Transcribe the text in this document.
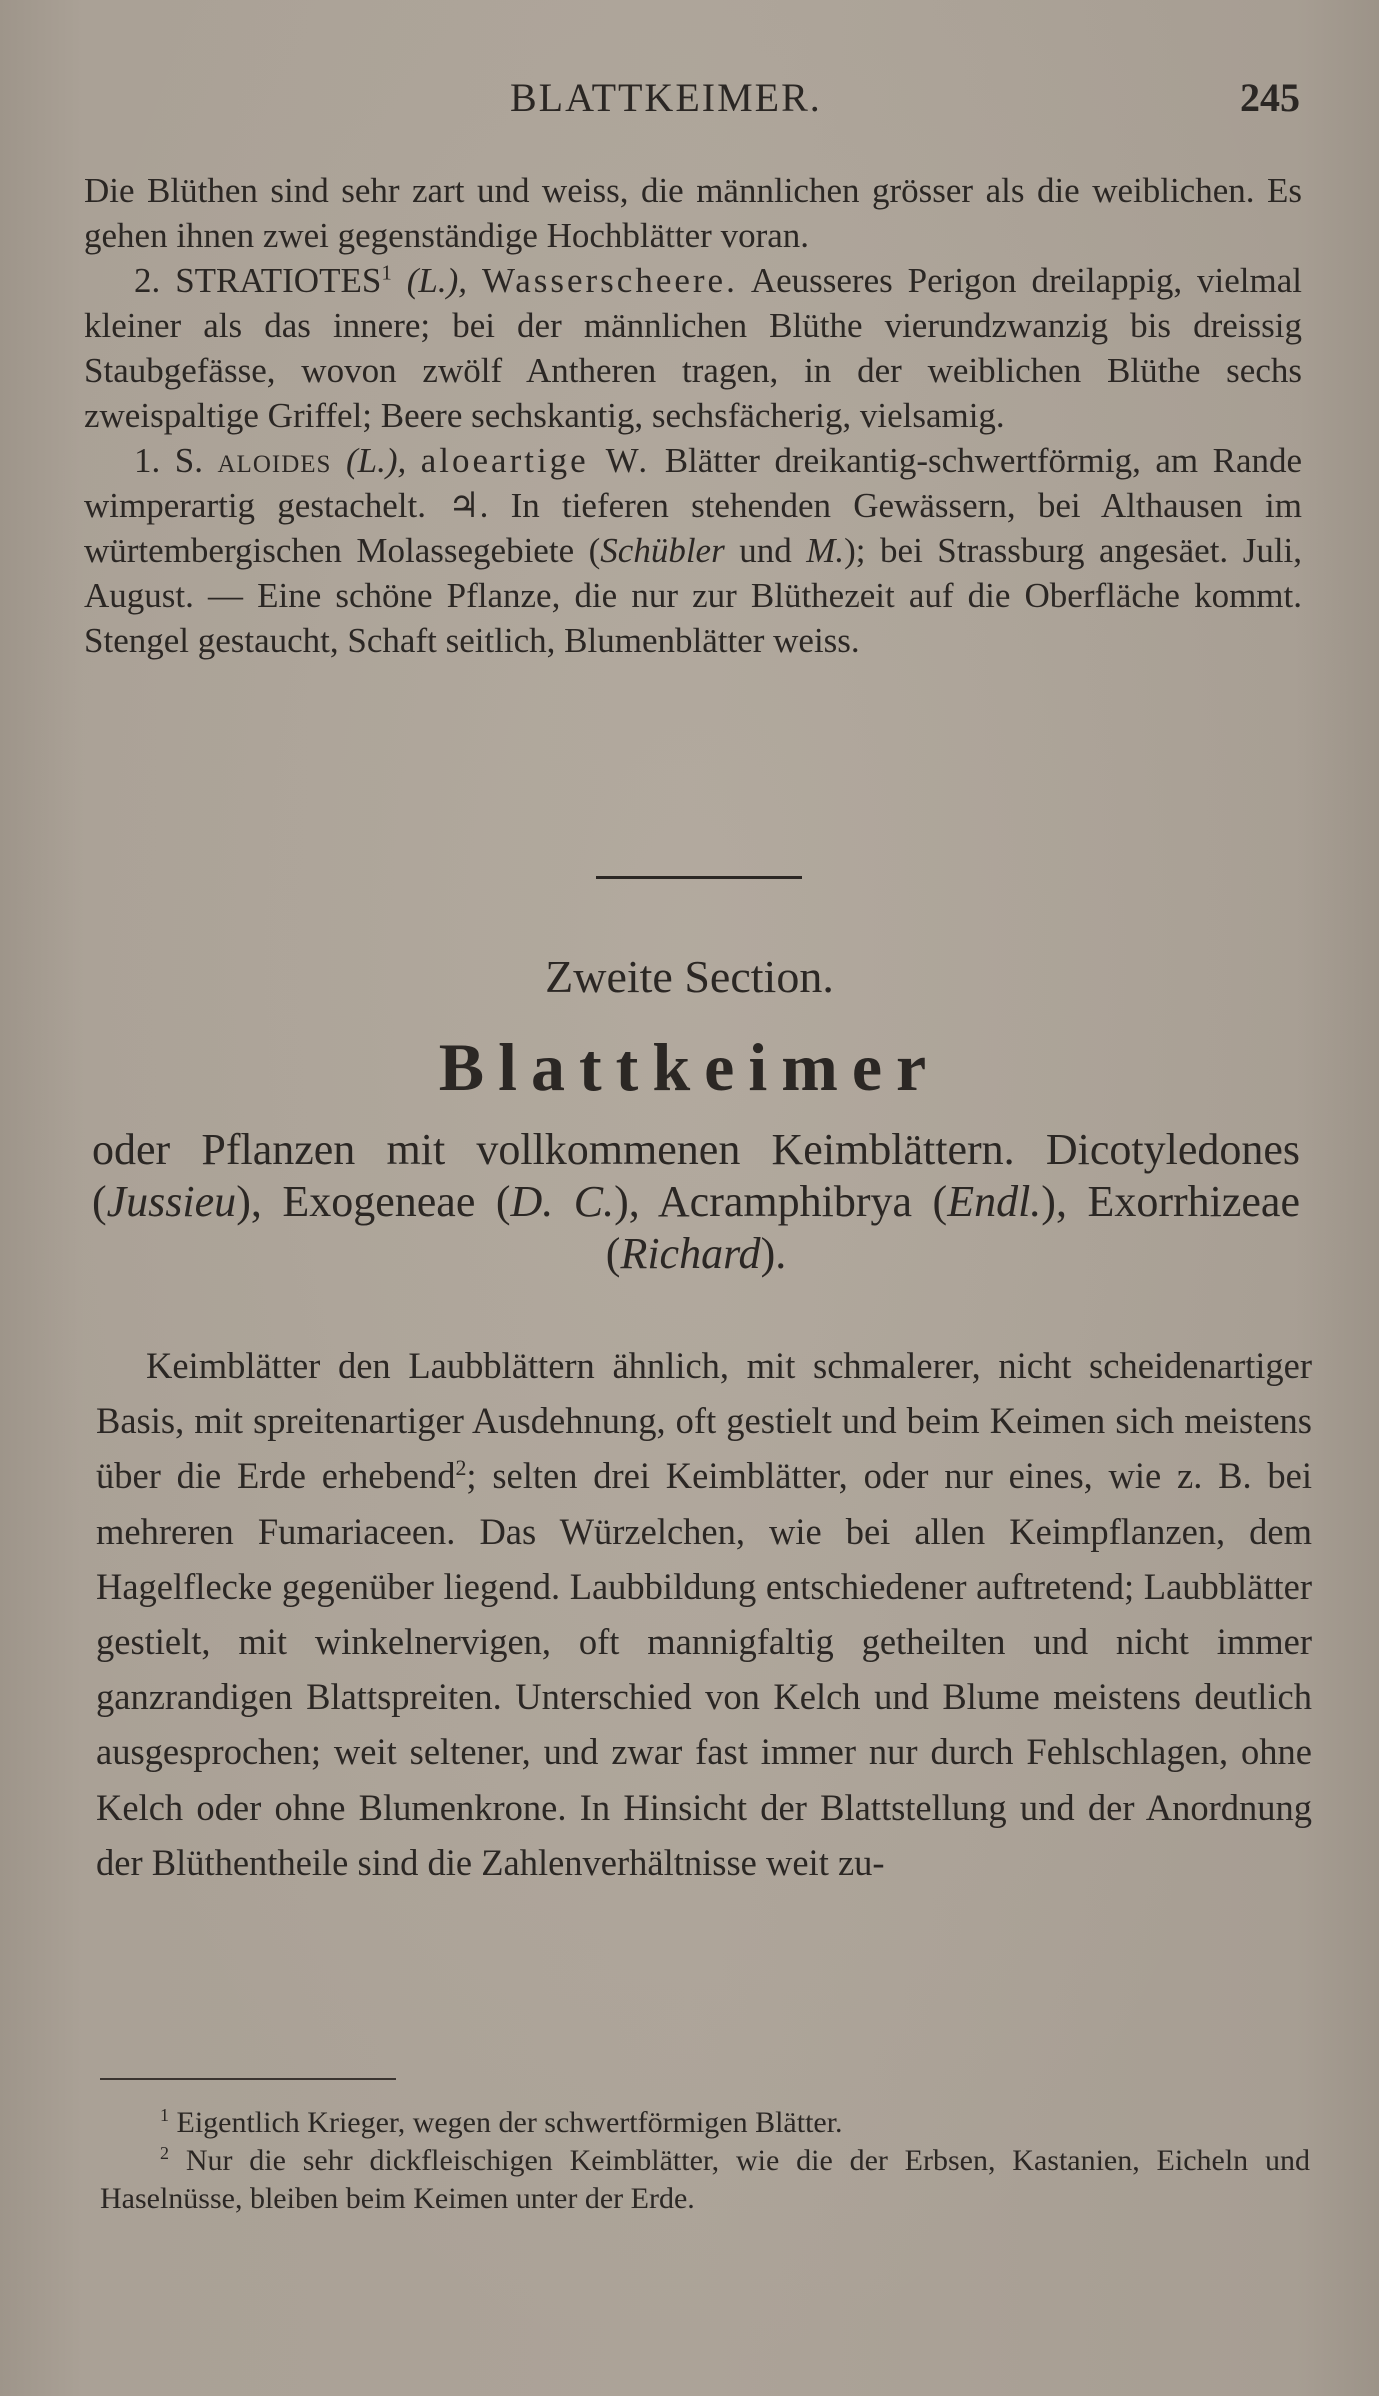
BLATTKEIMER.	245

Die Blüthen sind sehr zart und weiss, die männlichen grösser als die weiblichen. Es gehen ihnen zwei gegenständige Hochblätter voran.

2. STRATIOTES$^1$ (L.), Wasserscheere. Aeusseres Perigon dreilappig, vielmal kleiner als das innere; bei der männlichen Blüthe vierundzwanzig bis dreissig Staubgefässe, wovon zwölf Antheren tragen, in der weiblichen Blüthe sechs zweispaltige Griffel; Beere sechskantig, sechsfächerig, vielsamig.

1. S. aloides (L.), aloeartige W. Blätter dreikantig-schwertförmig, am Rande wimperartig gestachelt. ♃. In tieferen stehenden Gewässern, bei Althausen im würtembergischen Molassegebiete (Schübler und M.); bei Strassburg angesäet. Juli, August. — Eine schöne Pflanze, die nur zur Blüthezeit auf die Oberfläche kommt. Stengel gestaucht, Schaft seitlich, Blumenblätter weiss.

Zweite Section.
Blattkeimer
oder Pflanzen mit vollkommenen Keimblättern. Dicotyledones (Jussieu), Exogeneae (D. C.), Acramphibrya (Endl.), Exorrhizeae (Richard).

Keimblätter den Laubblättern ähnlich, mit schmalerer, nicht scheidenartiger Basis, mit spreitenartiger Ausdehnung, oft gestielt und beim Keimen sich meistens über die Erde erhebend$^2$; selten drei Keimblätter, oder nur eines, wie z. B. bei mehreren Fumariaceen. Das Würzelchen, wie bei allen Keimpflanzen, dem Hagelflecke gegenüber liegend. Laubbildung entschiedener auftretend; Laubblätter gestielt, mit winkelnervigen, oft mannigfaltig getheilten und nicht immer ganzrandigen Blattspreiten. Unterschied von Kelch und Blume meistens deutlich ausgesprochen; weit seltener, und zwar fast immer nur durch Fehlschlagen, ohne Kelch oder ohne Blumenkrone. In Hinsicht der Blattstellung und der Anordnung der Blüthentheile sind die Zahlenverhältnisse weit zu-

$^1$ Eigentlich Krieger, wegen der schwertförmigen Blätter.

$^2$ Nur die sehr dickfleischigen Keimblätter, wie die der Erbsen, Kastanien, Eicheln und Haselnüsse, bleiben beim Keimen unter der Erde.
